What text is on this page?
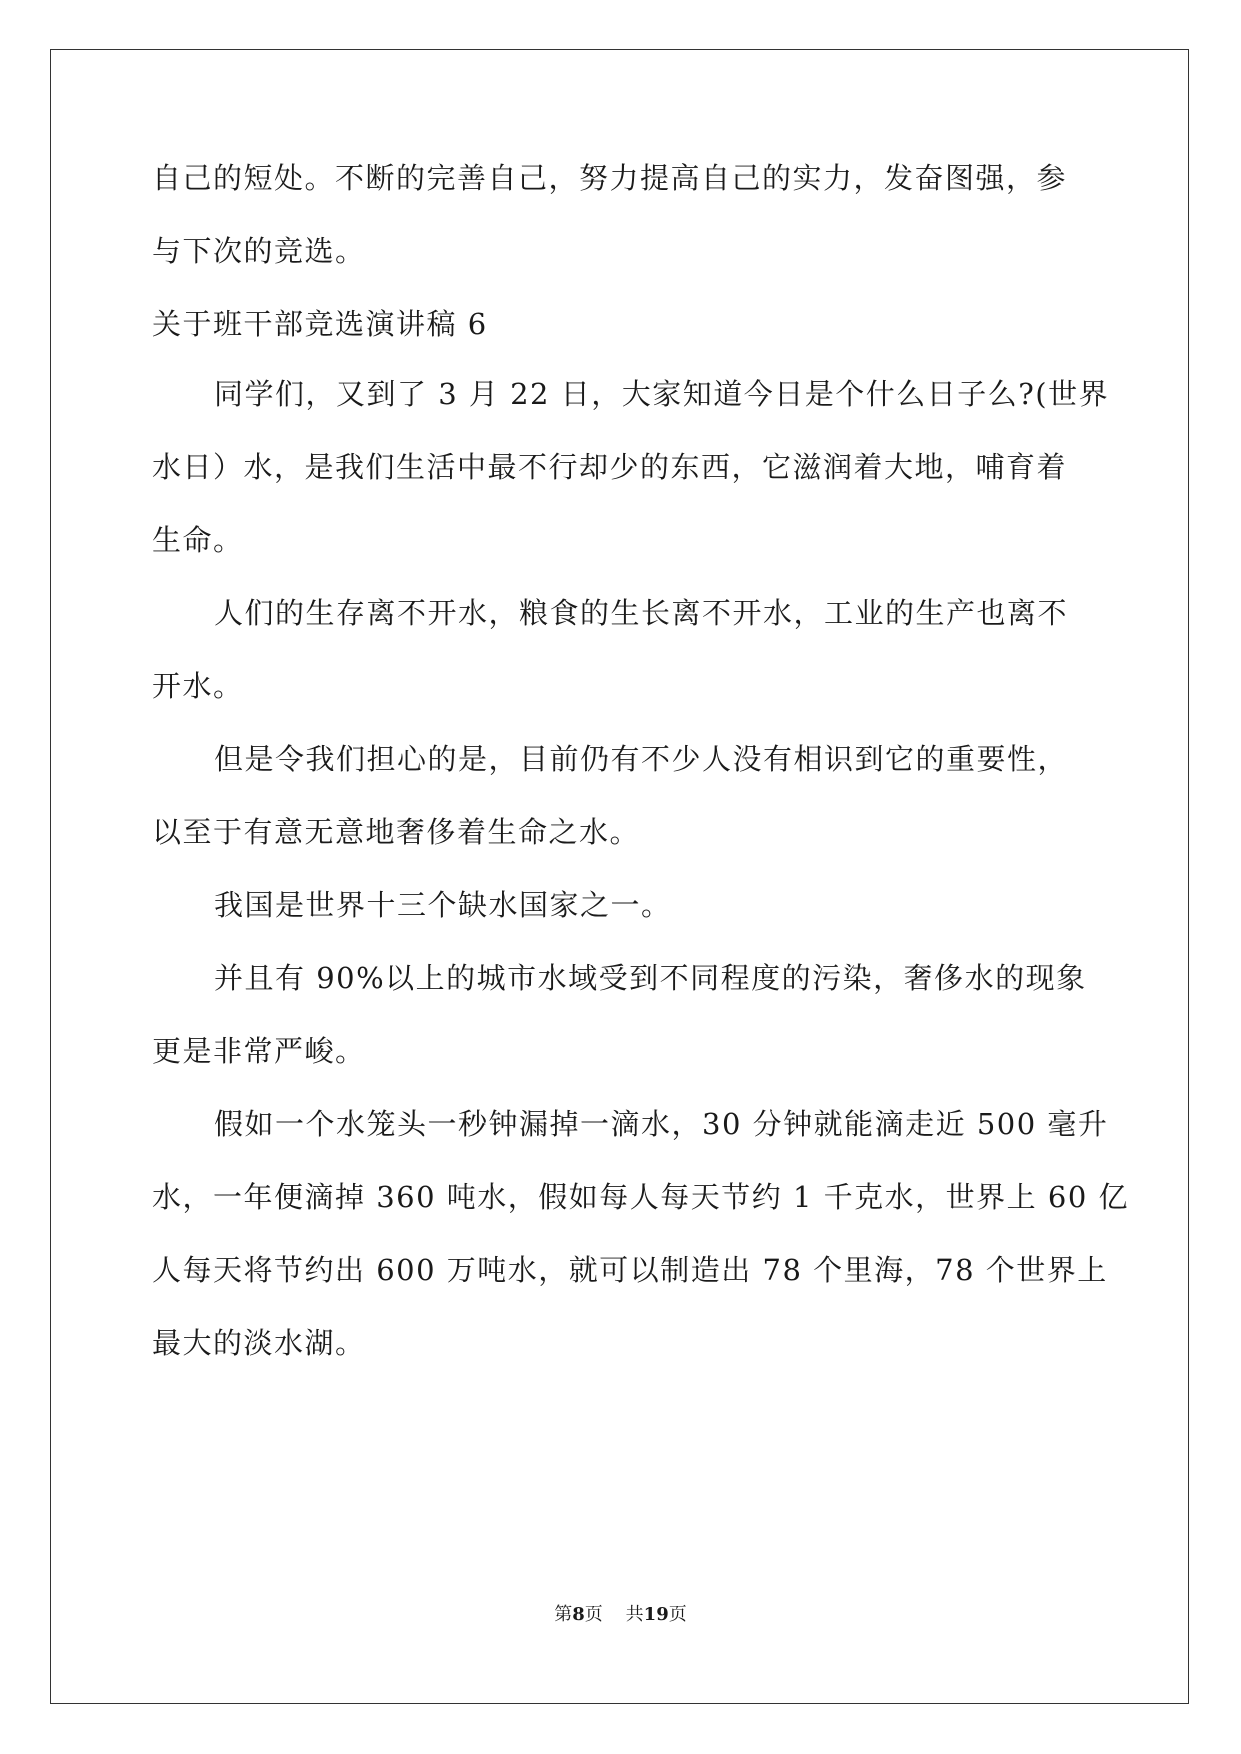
自己的短处。不断的完善自己，努力提高自己的实力，发奋图强，参
与下次的竞选。
关于班干部竞选演讲稿 6
同学们，又到了 3 月 22 日，大家知道今日是个什么日子么?(世界
水日）水，是我们生活中最不行却少的东西，它滋润着大地，哺育着
生命。
人们的生存离不开水，粮食的生长离不开水，工业的生产也离不
开水。
但是令我们担心的是，目前仍有不少人没有相识到它的重要性，
以至于有意无意地奢侈着生命之水。
我国是世界十三个缺水国家之一。
并且有 90%以上的城市水域受到不同程度的污染，奢侈水的现象
更是非常严峻。
假如一个水笼头一秒钟漏掉一滴水，30 分钟就能滴走近 500 毫升
水，一年便滴掉 360 吨水，假如每人每天节约 1 千克水，世界上 60 亿
人每天将节约出 600 万吨水，就可以制造出 78 个里海，78 个世界上
最大的淡水湖。
第8页 共19页
